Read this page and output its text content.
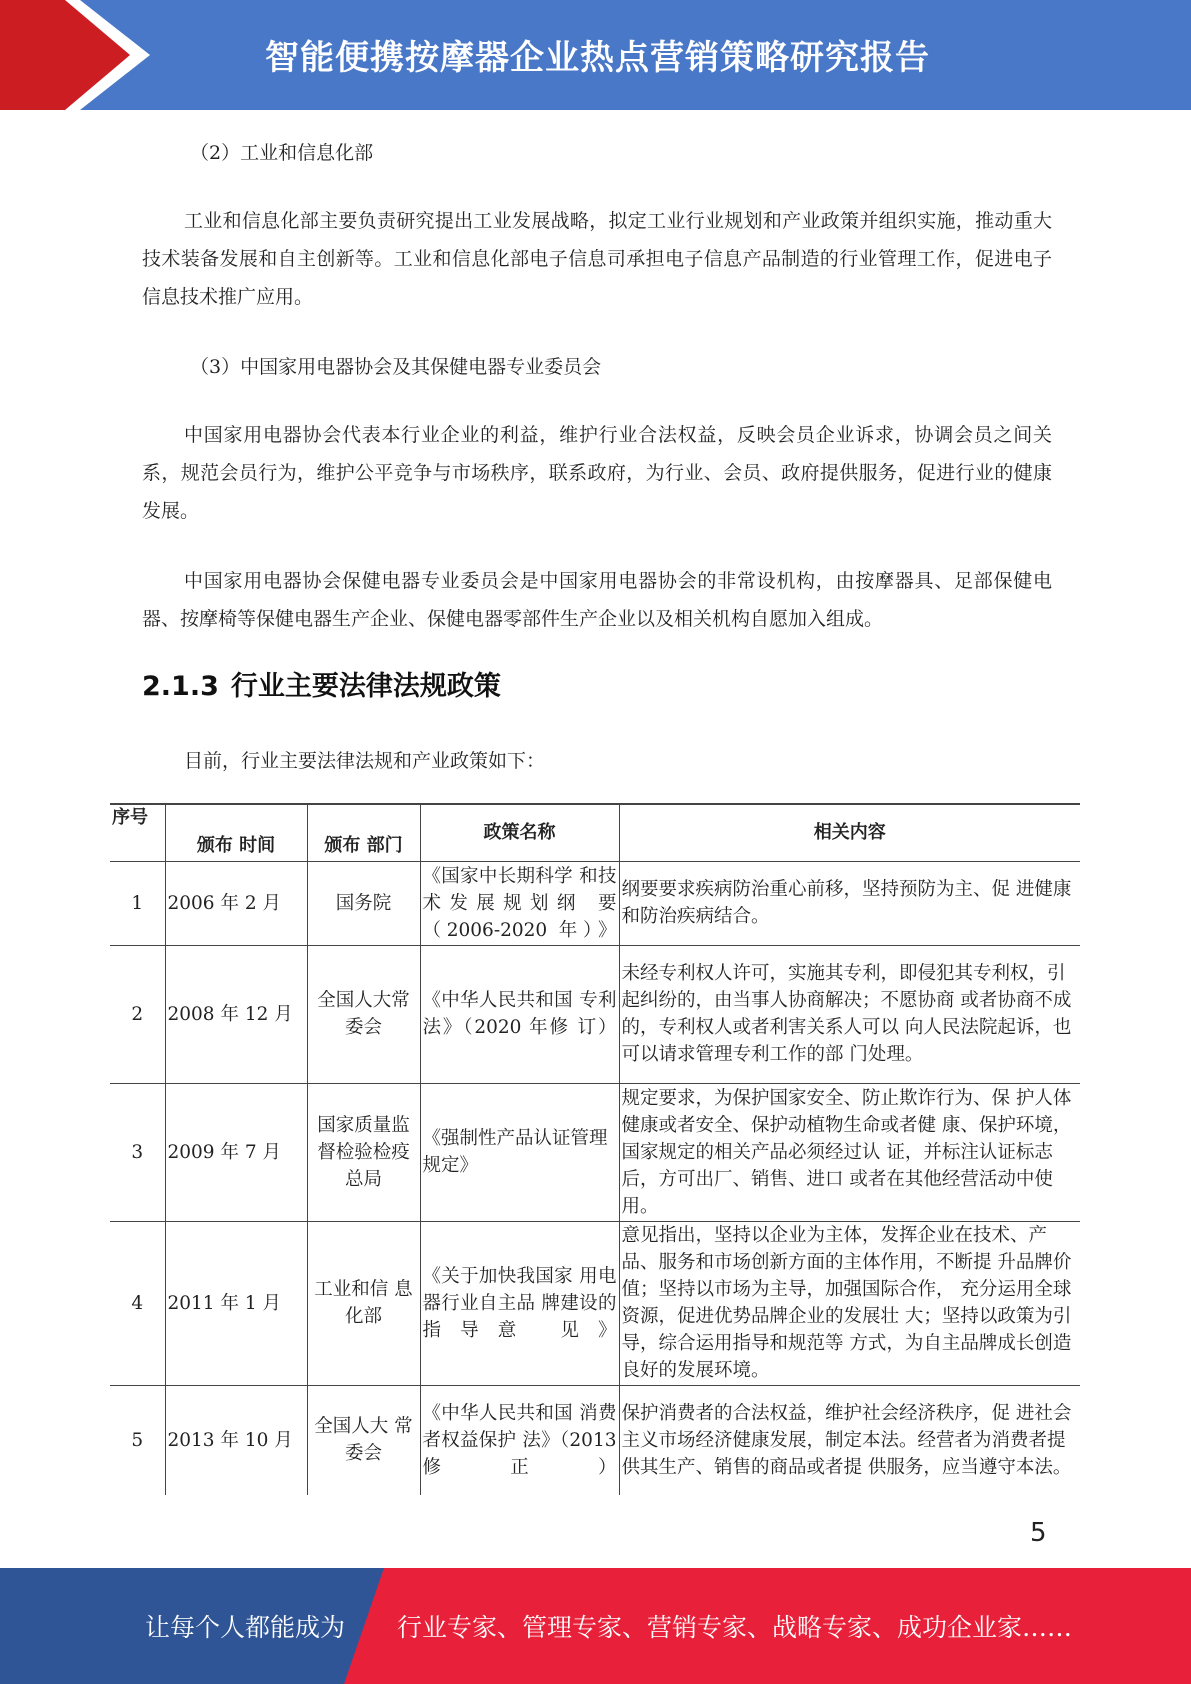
智能便携按摩器企业热点营销策略研究报告
（2）工业和信息化部

工业和信息化部主要负责研究提出工业发展战略，拟定工业行业规划和产业政策并组织实施，推动重大技术装备发展和自主创新等。工业和信息化部电子信息司承担电子信息产品制造的行业管理工作，促进电子信息技术推广应用。

（3）中国家用电器协会及其保健电器专业委员会

中国家用电器协会代表本行业企业的利益，维护行业合法权益，反映会员企业诉求，协调会员之间关系，规范会员行为，维护公平竞争与市场秩序，联系政府，为行业、会员、政府提供服务，促进行业的健康发展。

中国家用电器协会保健电器专业委员会是中国家用电器协会的非常设机构，由按摩器具、足部保健电器、按摩椅等保健电器生产企业、保健电器零部件生产企业以及相关机构自愿加入组成。

2.1.3 行业主要法律法规政策

目前，行业主要法律法规和产业政策如下：

序号	颁布 时间	颁布 部门	政策名称	相关内容
1	2006 年 2 月	国务院	《国家中长期科学 和技术发展规划纲 要（2006-2020 年）》	纲要要求疾病防治重心前移，坚持预防为主、促 进健康和防治疾病结合。
2	2008 年 12 月	全国人大常委会	《中华人民共和国 专利法》（2020 年修 订）	未经专利权人许可，实施其专利，即侵犯其专利权，引起纠纷的，由当事人协商解决；不愿协商 或者协商不成的，专利权人或者利害关系人可以 向人民法院起诉，也可以请求管理专利工作的部 门处理。
3	2009 年 7 月	国家质量监督检验检疫总局	《强制性产品认证管理规定》	规定要求，为保护国家安全、防止欺诈行为、保 护人体健康或者安全、保护动植物生命或者健 康、保护环境，国家规定的相关产品必须经过认 证，并标注认证标志后，方可出厂、销售、进口 或者在其他经营活动中使用。
4	2011 年 1 月	工业和信 息化部	《关于加快我国家 用电器行业自主品 牌建设的指导意 见》	意见指出，坚持以企业为主体，发挥企业在技术、产品、服务和市场创新方面的主体作用，不断提 升品牌价值；坚持以市场为主导，加强国际合作， 充分运用全球资源，促进优势品牌企业的发展壮 大；坚持以政策为引导，综合运用指导和规范等 方式，为自主品牌成长创造良好的发展环境。
5	2013 年 10 月	全国人大 常委会	《中华人民共和国 消费者权益保护 法》（2013 修正）	保护消费者的合法权益，维护社会经济秩序，促 进社会主义市场经济健康发展，制定本法。经营者为消费者提供其生产、销售的商品或者提 供服务，应当遵守本法。
5
让每个人都能成为 行业专家、管理专家、营销专家、战略专家、成功企业家……
